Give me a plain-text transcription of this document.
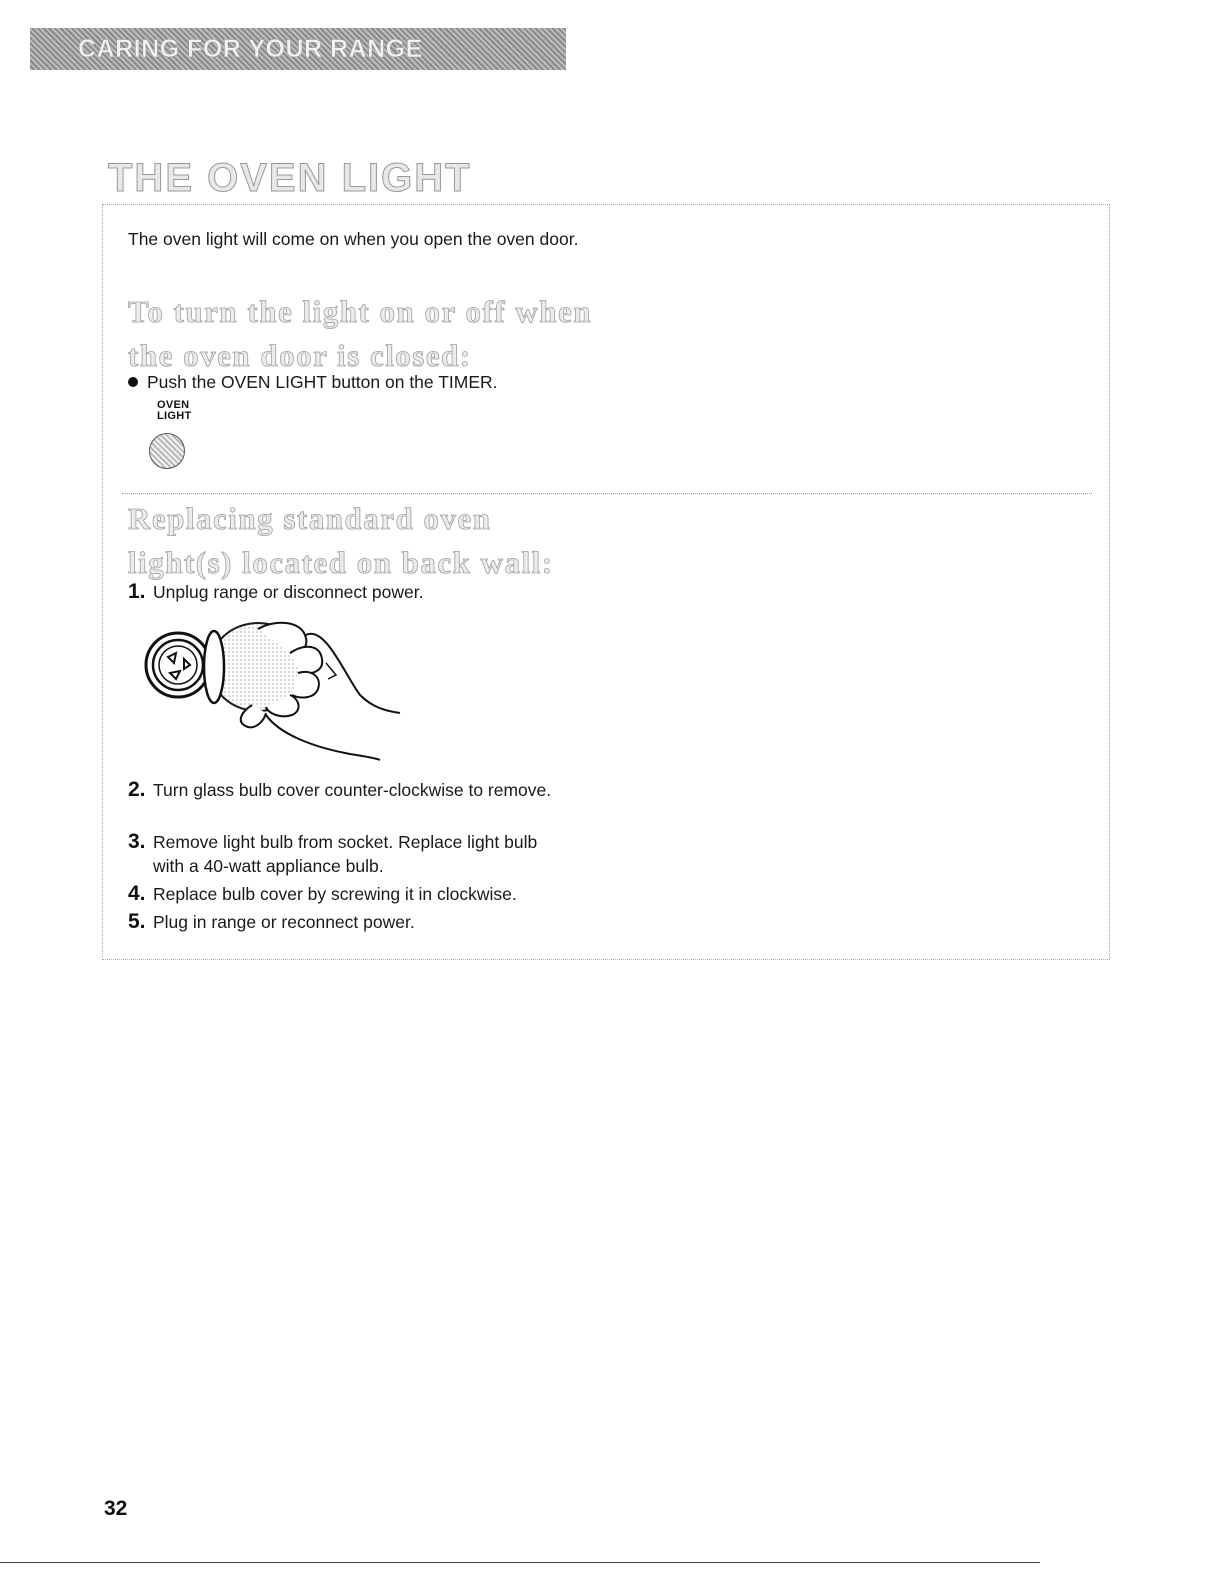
CARING FOR YOUR RANGE
THE OVEN LIGHT
The oven light will come on when you open the oven door.
To turn the light on or off when the oven door is closed:
Push the OVEN LIGHT button on the TIMER.
OVEN
LIGHT
Replacing standard oven light(s) located on back wall:
1. Unplug range or disconnect power.
2. Turn glass bulb cover counter-clockwise to remove.
3. Remove light bulb from socket. Replace light bulb with a 40-watt appliance bulb.
4. Replace bulb cover by screwing it in clockwise.
5. Plug in range or reconnect power.
32
